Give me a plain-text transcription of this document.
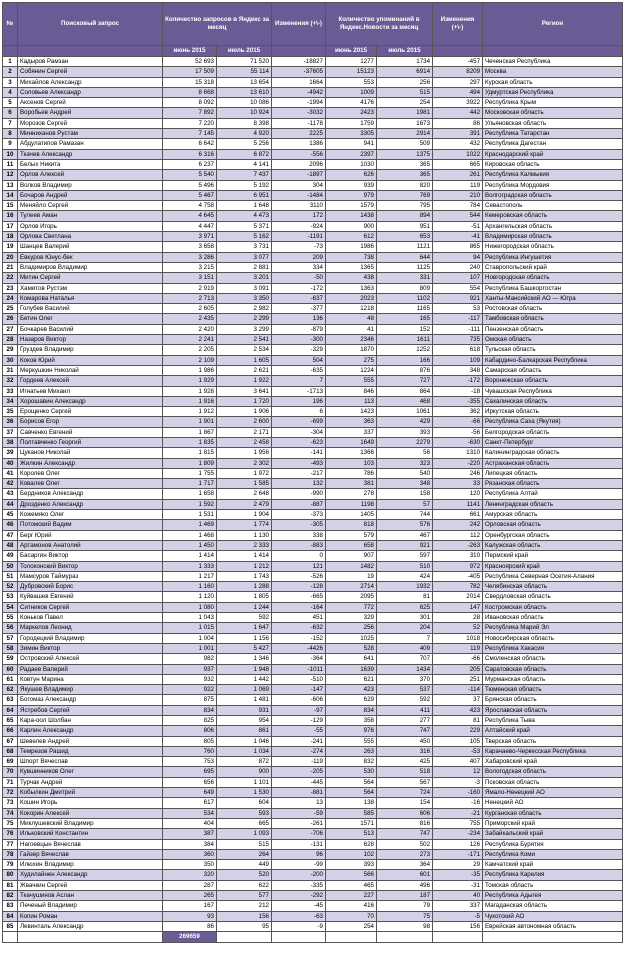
№	Поисковый запрос	Количество запросов в Яндекс за месяц		Изменения (+\-)	Количество упоминаний в Яндекс.Новости за месяц		Изменения (+\-)	Регион
		июнь 2015	июль 2015		июнь 2015	июль 2015		
1	Кадыров Рамзан	52 693	71 520	-18827	1277	1734	-457	Чеченская Республика
2	Собянин Сергей	17 509	55 114	-37605	15123	6914	8209	Москва
3	Михайлов Александр	15 318	13 654	1664	553	256	297	Курская область
4	Соловьев Александр	8 668	13 610	-4942	1009	515	494	Удмуртская Республика
5	Аксенов Сергей	8 092	10 086	-1994	4176	254	3922	Республика Крым
6	Воробьев Андрей	7 892	10 924	-3032	2423	1981	442	Московская область
7	Морозов Сергей	7 220	8 398	-1178	1759	1673	86	Ульяновская область
8	Минниханов Рустам	7 145	4 920	2225	3305	2914	391	Республика Татарстан
9	Абдулатипов Рамазан	6 642	5 256	1386	941	509	432	Республика Дагестан
10	Ткачев Александр	6 316	6 872	-556	2397	1375	1022	Краснодарский край
11	Белых Никита	6 237	4 141	2096	1030	365	665	Кировская область
12	Орлов Алексей	5 540	7 437	-1897	626	365	261	Республика Калмыкия
13	Волков Владимир	5 496	5 192	304	939	820	119	Республика Мордовия
14	Бочаров Андрей	5 467	6 951	-1484	979	769	210	Волгоградская область
15	Меняйло Сергей	4 758	1 648	3110	1579	795	784	Севастополь
16	Тулеев Аман	4 645	4 473	172	1438	894	544	Кемеровская область
17	Орлов Игорь	4 447	5 371	-924	900	951	-51	Архангельская область
18	Орлова Светлана	3 971	5 162	-1191	612	653	-41	Владимирская область
19	Шанцев Валерий	3 658	3 731	-73	1986	1121	865	Нижегородская область
20	Евкуров Юнус-бек	3 286	3 077	209	738	644	94	Республика Ингушетия
21	Владимиров Владимир	3 215	2 881	334	1365	1125	240	Ставропольский край
22	Митин Сергей	3 151	3 201	-50	438	331	107	Новгородская область
23	Хамитов Рустэм	2 919	3 091	-172	1363	809	554	Республика Башкортостан
24	Комарова Наталья	2 713	3 350	-637	2023	1102	921	Ханты-Мансийский АО — Югра
25	Голубев Василий	2 605	2 982	-377	1218	1165	53	Ростовская область
26	Бетин Олег	2 435	2 299	136	48	165	-117	Тамбовская область
27	Бочкарев Василий	2 420	3 299	-879	41	152	-111	Пензенская область
28	Назаров Виктор	2 241	2 541	-300	2346	1611	735	Омская область
29	Груздев Владимир	2 205	2 534	-329	1870	1252	618	Тульская область
30	Коков Юрий	2 109	1 605	504	275	166	109	Кабардино-Балкарская Республика
31	Меркушкин Николай	1 986	2 621	-635	1224	876	348	Самарская область
32	Гордеев Алексей	1 929	1 922	7	555	727	-172	Воронежская область
33	Игнатьев Михаил	1 928	3 641	-1713	846	864	-18	Чувашская Республика
34	Хорошавин Александр	1 916	1 720	196	113	468	-355	Сахалинская область
35	Ерощенко Сергей	1 912	1 906	6	1423	1061	362	Иркутская область
36	Борисов Егор	1 901	2 600	-699	363	429	-66	Республика Саха (Якутия)
37	Савченко Евгений	1 867	2 171	-304	337	393	-56	Белгородская область
38	Полтавченко Георгий	1 835	2 458	-623	1649	2279	-630	Санкт-Петербург
39	Цуканов Николай	1 815	1 956	-141	1366	56	1310	Калининградская область
40	Жилкин Александр	1 809	2 302	-493	103	323	-220	Астраханская область
41	Королев Олег	1 755	1 972	-217	786	540	246	Липецкая область
42	Ковалев Олег	1 717	1 585	132	381	348	33	Рязанская область
43	Бердников Александр	1 658	2 648	-990	278	158	120	Республика Алтай
44	Дрозденко Александр	1 592	2 479	-887	1198	57	1141	Ленинградская область
45	Кожемяко Олег	1 531	1 904	-373	1405	744	661	Амурская область
46	Потомский Вадим	1 469	1 774	-305	818	576	242	Орловская область
47	Берг Юрий	1 468	1 130	338	579	467	112	Оренбургская область
48	Артамонов Анатолий	1 450	2 333	-883	658	921	-263	Калужская область
49	Басаргин Виктор	1 414	1 414	0	907	597	310	Пермский край
50	Толоконский Виктор	1 333	1 212	121	1482	510	972	Красноярский край
51	Мамсуров Таймураз	1 217	1 743	-526	19	424	-405	Республика Северная Осетия-Алания
52	Дубровский Борис	1 160	1 288	-128	2714	1932	782	Челябинская область
53	Куйвашев Евгений	1 120	1 805	-665	2095	81	2014	Свердловская область
54	Ситников Сергей	1 080	1 244	-164	772	625	147	Костромская область
55	Коньков Павел	1 043	592	451	329	301	28	Ивановская область
56	Маркелов Леонид	1 015	1 647	-632	256	204	52	Республика Марий Эл
57	Городецкий Владимир	1 004	1 156	-152	1025	7	1018	Новосибирская область
58	Зимин Виктор	1 001	5 427	-4426	528	409	119	Республика Хакасия
59	Островский Алексей	982	1 346	-364	641	707	-66	Смоленская область
60	Радаев Валерий	937	1 948	-1011	1639	1434	205	Саратовская область
61	Ковтун Марина	932	1 442	-510	621	370	251	Мурманская область
62	Якушев Владимир	922	1 069	-147	423	537	-114	Тюменская область
63	Богомаз Александр	875	1 481	-606	629	592	37	Брянская область
64	Ястребов Сергей	834	931	-97	834	411	423	Ярославская область
65	Кара-оол Шолбан	825	954	-129	358	277	81	Республика Тыва
66	Карлин Александр	806	861	-55	976	747	229	Алтайский край
67	Шевелев Андрей	805	1 046	-241	555	450	105	Тверская область
68	Темрезов Рашид	760	1 034	-274	263	316	-53	Карачаево-Черкесская Республика
69	Шпорт Вячеслав	753	872	-119	832	425	407	Хабаровский край
70	Кувшинников Олег	695	900	-205	530	518	12	Вологодская область
71	Турчак Андрей	656	1 101	-445	564	567	-3	Псковская область
72	Кобылкин Дмитрий	649	1 530	-881	564	724	-160	Ямало-Ненецкий АО
73	Кошин Игорь	617	604	13	138	154	-16	Ненецкий АО
74	Кокорин Алексей	534	593	-59	585	606	-21	Курганская область
75	Миклушевский Владимир	404	665	-261	1571	816	755	Приморский край
76	Ильковский Константин	387	1 093	-706	513	747	-234	Забайкальский край
77	Нагоевцын Вячеслав	384	515	-131	628	502	126	Республика Бурятия
78	Гайзер Вячеслав	360	264	96	102	273	-171	Республика Коми
79	Илюхин Владимир	350	449	-99	393	364	29	Камчатский край
80	Худилайнен Александр	320	520	-200	566	601	-35	Республика Карелия
81	Жвачкин Сергей	287	622	-335	465	496	-31	Томская область
82	Ткачушинов Аслан	265	577	-292	227	187	40	Республика Адыгея
83	Печеный Владимир	167	212	-45	416	79	337	Магаданская область
84	Копин Роман	93	156	-63	70	75	-5	Чукотский АО
85	Левинталь Александр	86	95	-9	254	98	156	Еврейская автономная область
		269659						
